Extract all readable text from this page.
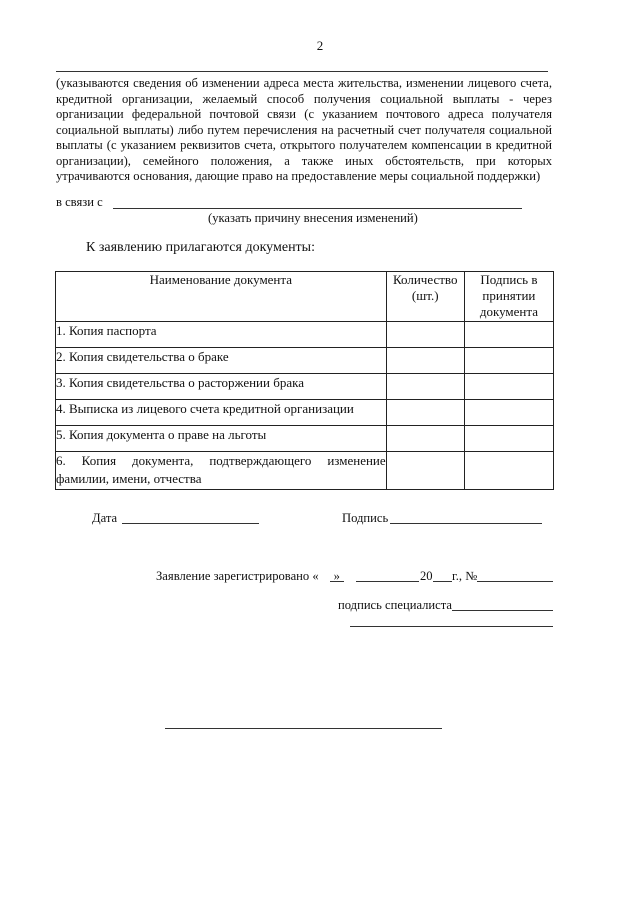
2
(указываются сведения об изменении адреса места жительства, изменении лицевого счета, кредитной организации, желаемый способ получения социальной выплаты - через организации федеральной почтовой связи (с указанием почтового адреса получателя социальной выплаты) либо путем перечисления на расчетный счет получателя социальной выплаты (с указанием реквизитов счета, открытого получателем компенсации в кредитной организации), семейного положения, а также иных обстоятельств, при которых утрачиваются основания, дающие право на предоставление меры социальной поддержки)
в связи с
(указать причину внесения изменений)
К заявлению прилагаются документы:
Наименование документа	Количество (шт.)	Подпись в принятии документа
1. Копия паспорта		
2. Копия свидетельства о браке		
3. Копия свидетельства о расторжении брака		
4. Выписка из лицевого счета кредитной организации		
5. Копия документа о праве на льготы		
6. Копия документа, подтверждающего изменение фамилии, имени, отчества		
Дата	Подпись
Заявление зарегистрировано « »	20 г., №
подпись специалиста
